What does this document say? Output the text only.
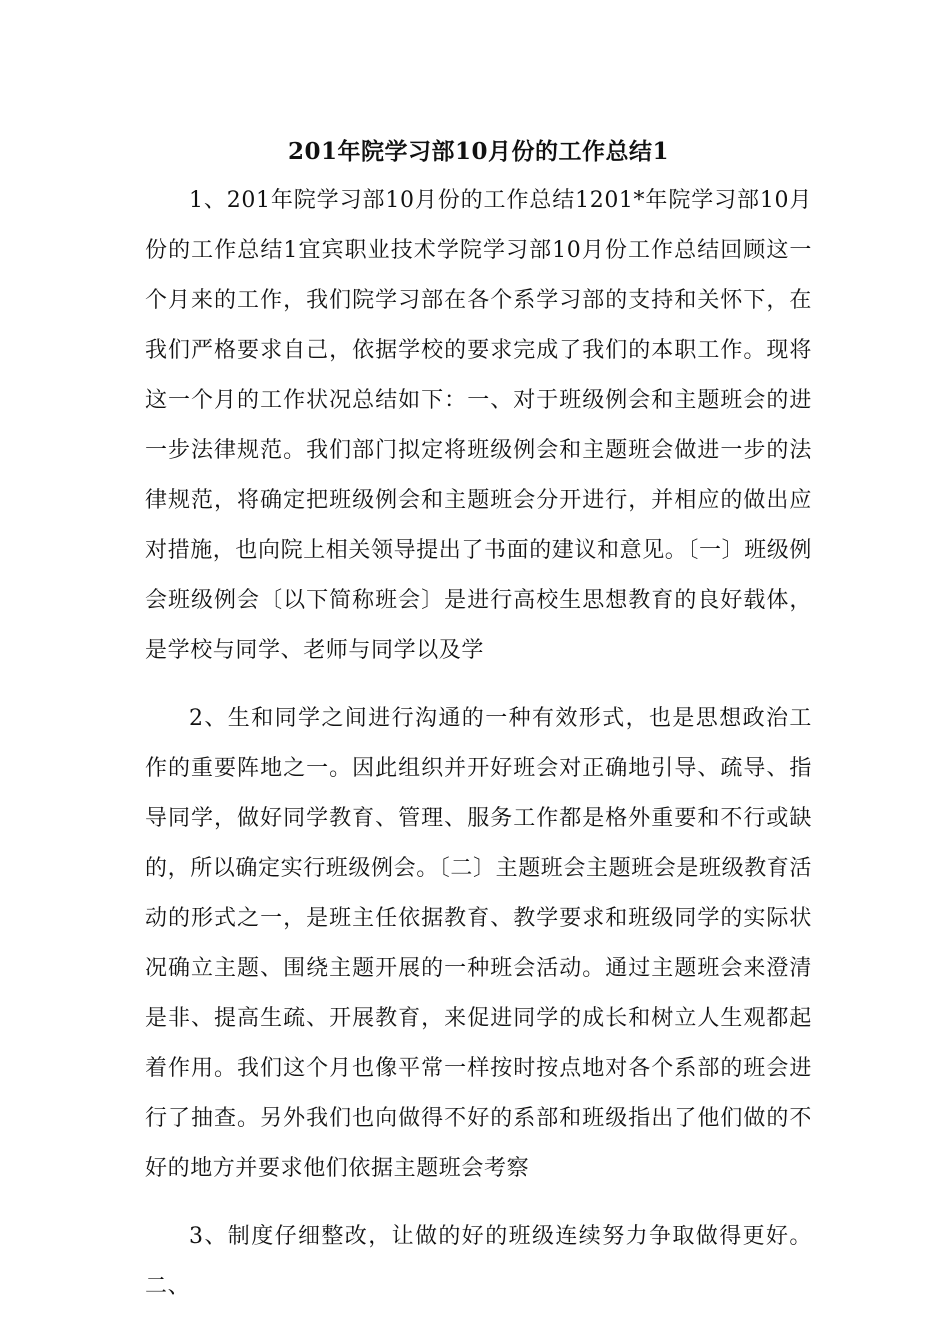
201年院学习部10月份的工作总结1

1、201年院学习部10月份的工作总结1201*年院学习部10月份的工作总结1宜宾职业技术学院学习部10月份工作总结回顾这一个月来的工作，我们院学习部在各个系学习部的支持和关怀下，在我们严格要求自己，依据学校的要求完成了我们的本职工作。现将这一个月的工作状况总结如下：一、对于班级例会和主题班会的进一步法律规范。我们部门拟定将班级例会和主题班会做进一步的法律规范，将确定把班级例会和主题班会分开进行，并相应的做出应对措施，也向院上相关领导提出了书面的建议和意见。〔一〕班级例会班级例会〔以下简称班会〕是进行高校生思想教育的良好载体，是学校与同学、老师与同学以及学

2、生和同学之间进行沟通的一种有效形式，也是思想政治工作的重要阵地之一。因此组织并开好班会对正确地引导、疏导、指导同学，做好同学教育、管理、服务工作都是格外重要和不行或缺的，所以确定实行班级例会。〔二〕主题班会主题班会是班级教育活动的形式之一，是班主任依据教育、教学要求和班级同学的实际状况确立主题、围绕主题开展的一种班会活动。通过主题班会来澄清是非、提高生疏、开展教育，来促进同学的成长和树立人生观都起着作用。我们这个月也像平常一样按时按点地对各个系部的班会进行了抽查。另外我们也向做得不好的系部和班级指出了他们做的不好的地方并要求他们依据主题班会考察

3、制度仔细整改，让做的好的班级连续努力争取做得更好。二、
